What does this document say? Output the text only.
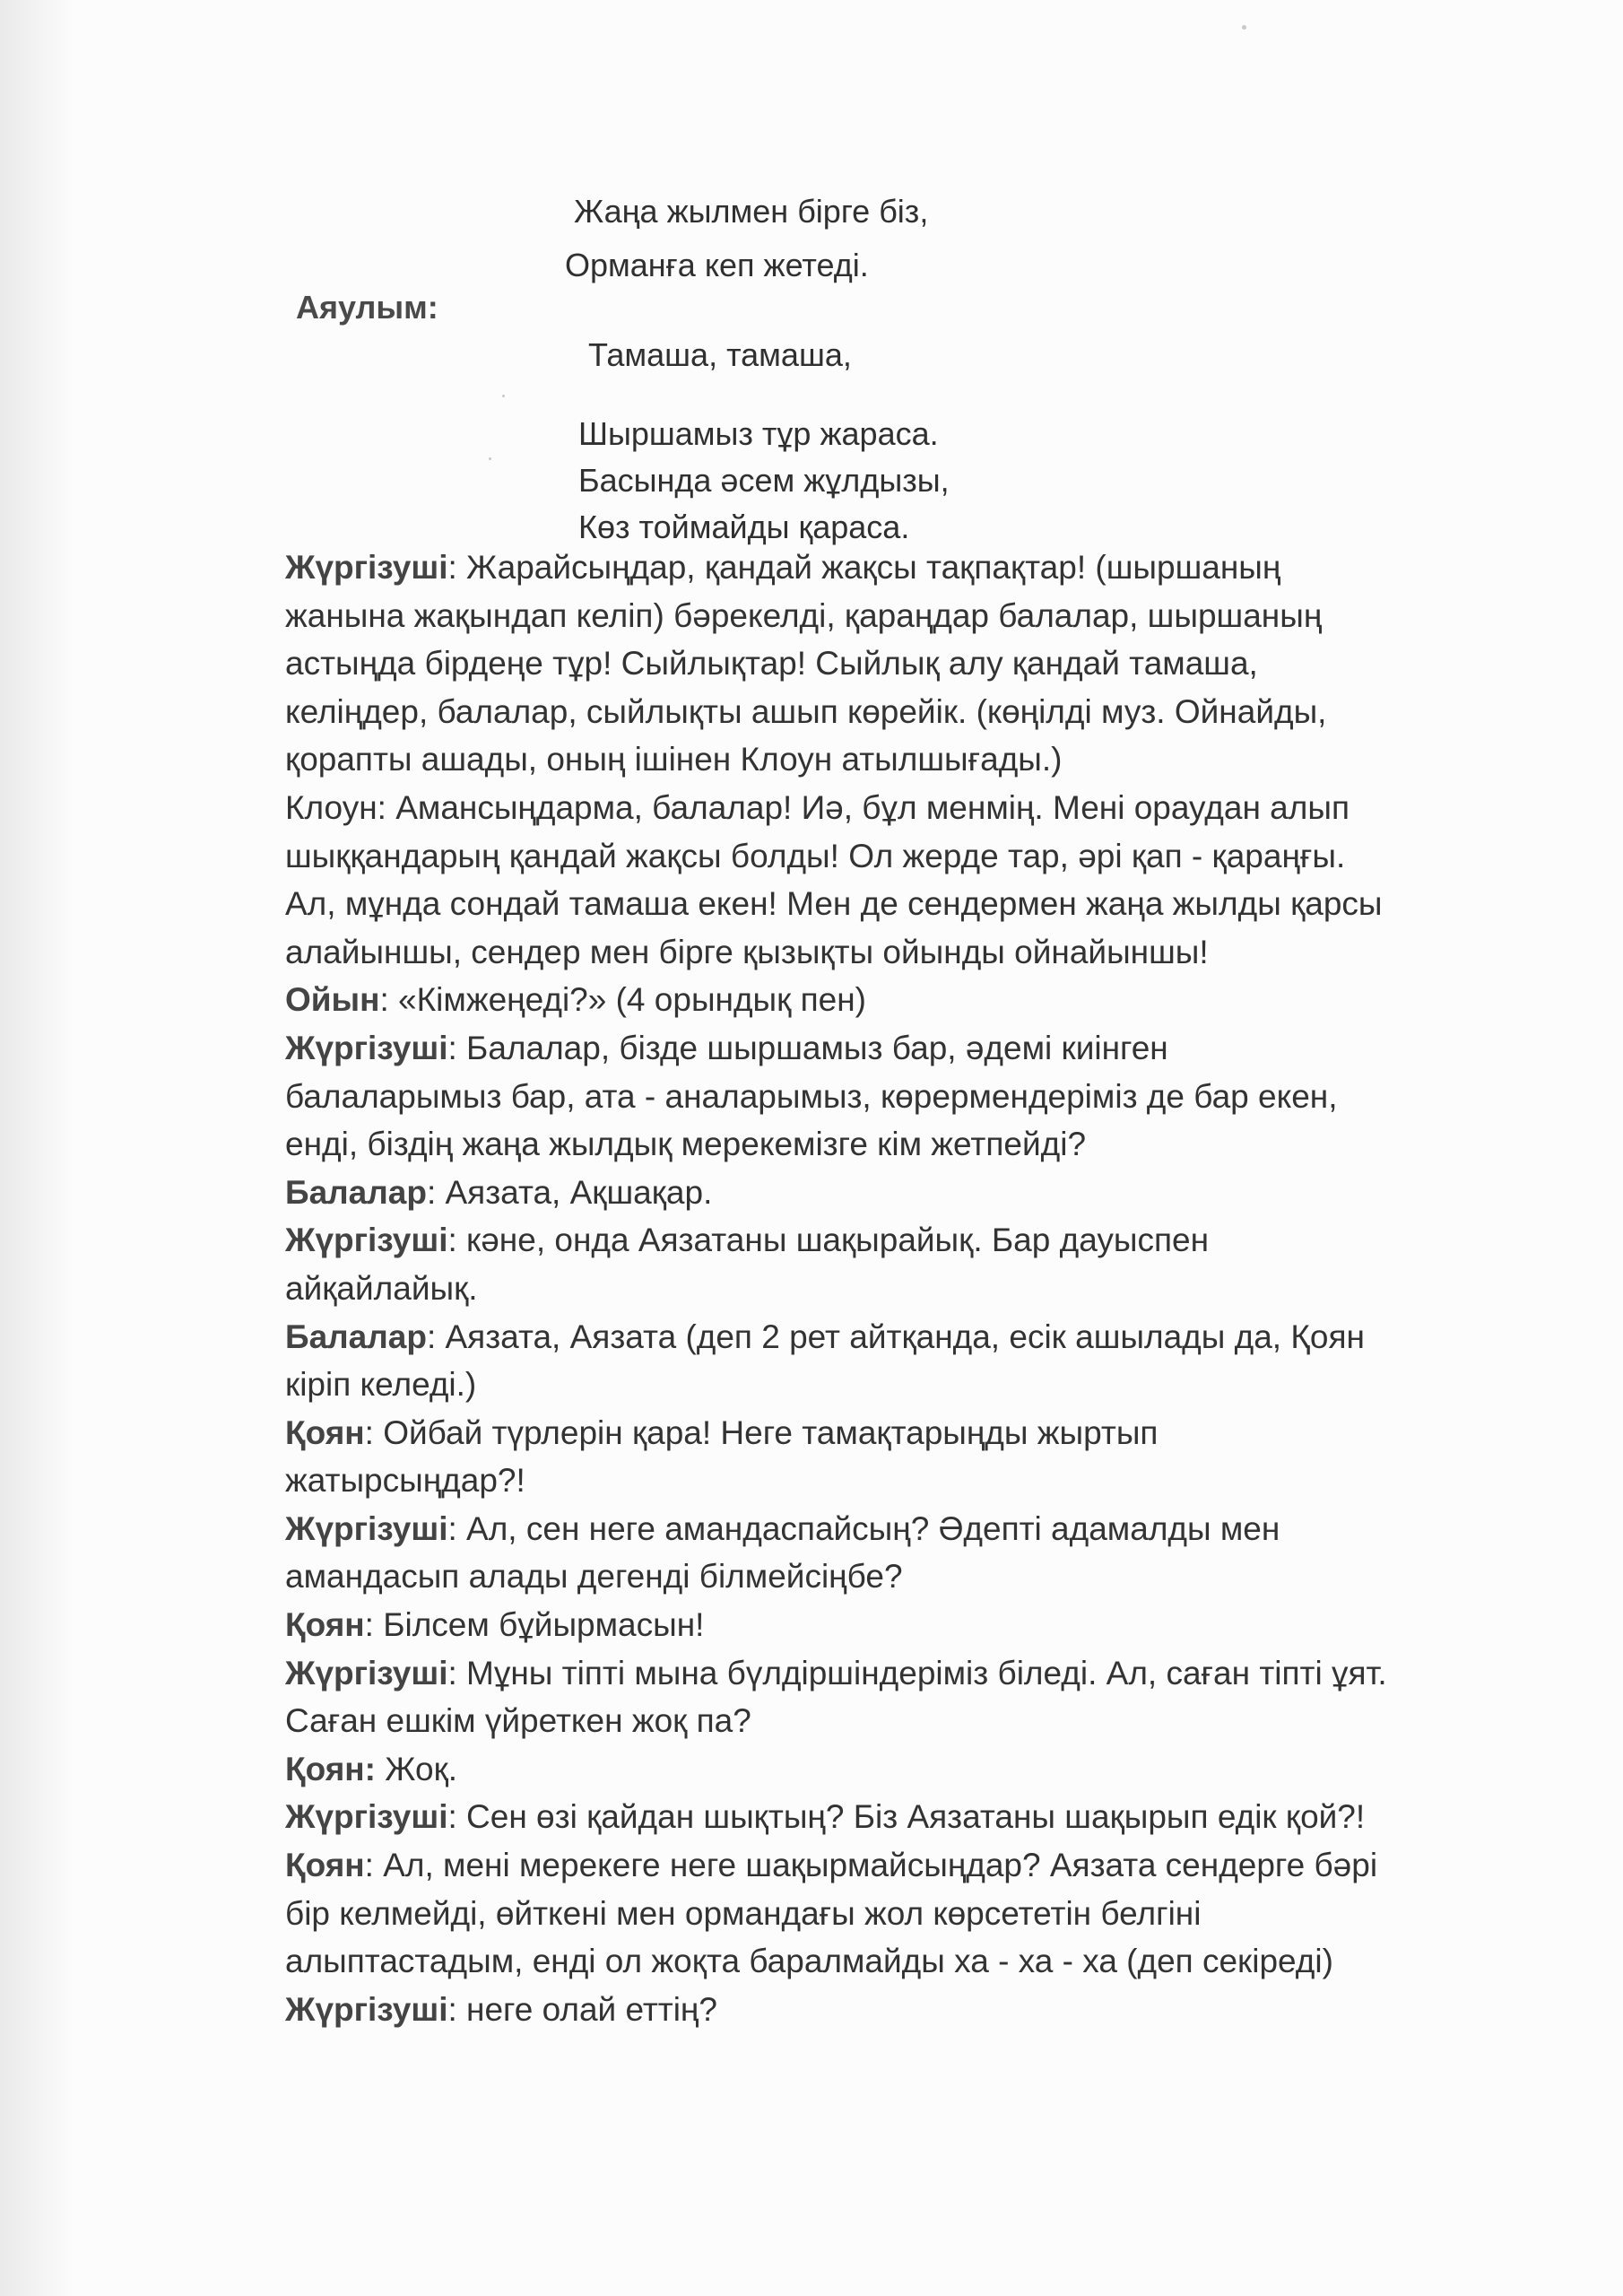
Жаңа жылмен бірге біз,
Орманға кеп жетеді.
Аяулым:
Тамаша, тамаша,
Шыршамыз тұр жараса.
Басында əсем жұлдызы,
Көз тоймайды қараса.

Жүргізуші: Жарайсыңдар, қандай жақсы тақпақтар! (шыршаның

жанына жақындап келіп) бəрекелді, қараңдар балалар, шыршаның

астыңда бірдеңе тұр! Сыйлықтар! Сыйлық алу қандай тамаша,

келіңдер, балалар, сыйлықты ашып көрейік. (көңілді муз. Ойнайды,

қорапты ашады, оның ішінен Клоун атылшығады.)

Клоун: Амансыңдарма, балалар! Иə, бұл менмің. Мені ораудан алып

шыққандарың қандай жақсы болды! Ол жерде тар, əрі қап - қараңғы.

Ал, мұнда сондай тамаша екен! Мен де сендермен жаңа жылды қарсы

алайыншы, сендер мен бірге қызықты ойынды ойнайыншы!

Ойын: «Кімжеңеді?» (4 орындық пен)

Жүргізуші: Балалар, бізде шыршамыз бар, əдемі киінген

балаларымыз бар, ата - аналарымыз, көрермендеріміз де бар екен,

енді, біздің жаңа жылдық мерекемізге кім жетпейді?

Балалар: Аязата, Ақшақар.

Жүргізуші: кəне, онда Аязатаны шақырайық. Бар дауыспен

айқайлайық.

Балалар: Аязата, Аязата (деп 2 рет айтқанда, есік ашылады да, Қоян

кіріп келеді.)

Қоян: Ойбай түрлерін қара! Неге тамақтарыңды жыртып

жатырсыңдар?!

Жүргізуші: Ал, сен неге амандаспайсың? Əдепті адамалды мен

амандасып алады дегенді білмейсіңбе?

Қоян: Білсем бұйырмасын!

Жүргізуші: Мұны тіпті мына бүлдіршіндеріміз біледі. Ал, саған тіпті ұят.

Саған ешкім үйреткен жоқ па?

Қоян: Жоқ.

Жүргізуші: Сен өзі қайдан шықтың? Біз Аязатаны шақырып едік қой?!

Қоян: Ал, мені мерекеге неге шақырмайсыңдар? Аязата сендерге бəрі

бір келмейді, өйткені мен ормандағы жол көрсететін белгіні

алыптастадым, енді ол жоқта баралмайды ха - ха - ха (деп секіреді)

Жүргізуші: неге олай еттің?
